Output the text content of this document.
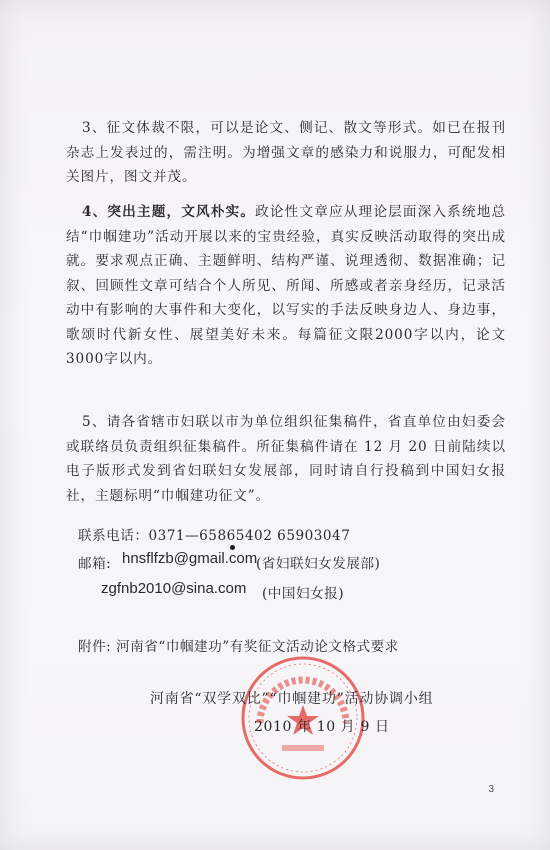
3、征文体裁不限，可以是论文、侧记、散文等形式。如已在报刊杂志上发表过的，需注明。为增强文章的感染力和说服力，可配发相关图片，图文并茂。

4、突出主题，文风朴实。政论性文章应从理论层面深入系统地总结“巾帼建功”活动开展以来的宝贵经验，真实反映活动取得的突出成就。要求观点正确、主题鲜明、结构严谨、说理透彻、数据准确；记叙、回顾性文章可结合个人所见、所闻、所感或者亲身经历，记录活动中有影响的大事件和大变化，以写实的手法反映身边人、身边事，歌颂时代新女性、展望美好未来。每篇征文限2000字以内，论文3000字以内。

5、请各省辖市妇联以市为单位组织征集稿件，省直单位由妇委会或联络员负责组织征集稿件。所征集稿件请在 12 月 20 日前陆续以电子版形式发到省妇联妇女发展部，同时请自行投稿到中国妇女报社，主题标明“巾帼建功征文”。

联系电话：0371—65865402 65903047
邮箱: hnsflfzb@gmail.com
(省妇联妇女发展部)
zgfnb2010@sina.com (中国妇女报)
附件: 河南省“巾帼建功”有奖征文活动论文格式要求
河南省“双学双比”“巾帼建功”活动协调小组
2010 年 10 月 9 日
3
